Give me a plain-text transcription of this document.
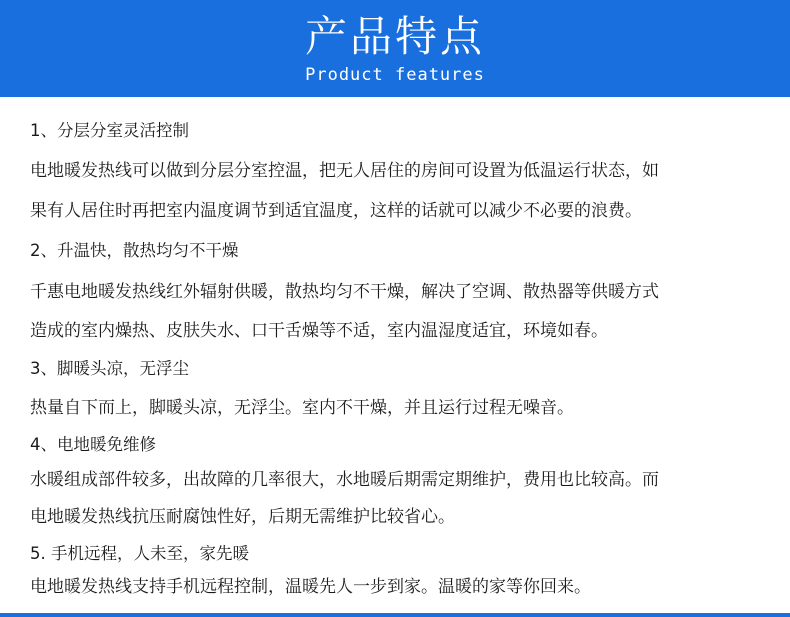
产品特点
Product features
1、分层分室灵活控制
电地暖发热线可以做到分层分室控温，把无人居住的房间可设置为低温运行状态，如
果有人居住时再把室内温度调节到适宜温度，这样的话就可以减少不必要的浪费。
2、升温快，散热均匀不干燥
千惠电地暖发热线红外辐射供暖，散热均匀不干燥，解决了空调、散热器等供暖方式
造成的室内燥热、皮肤失水、口干舌燥等不适，室内温湿度适宜，环境如春。
3、脚暖头凉，无浮尘
热量自下而上，脚暖头凉，无浮尘。室内不干燥，并且运行过程无噪音。
4、电地暖免维修
水暖组成部件较多，出故障的几率很大，水地暖后期需定期维护，费用也比较高。而
电地暖发热线抗压耐腐蚀性好，后期无需维护比较省心。
5. 手机远程，人未至，家先暖
电地暖发热线支持手机远程控制，温暖先人一步到家。温暖的家等你回来。
